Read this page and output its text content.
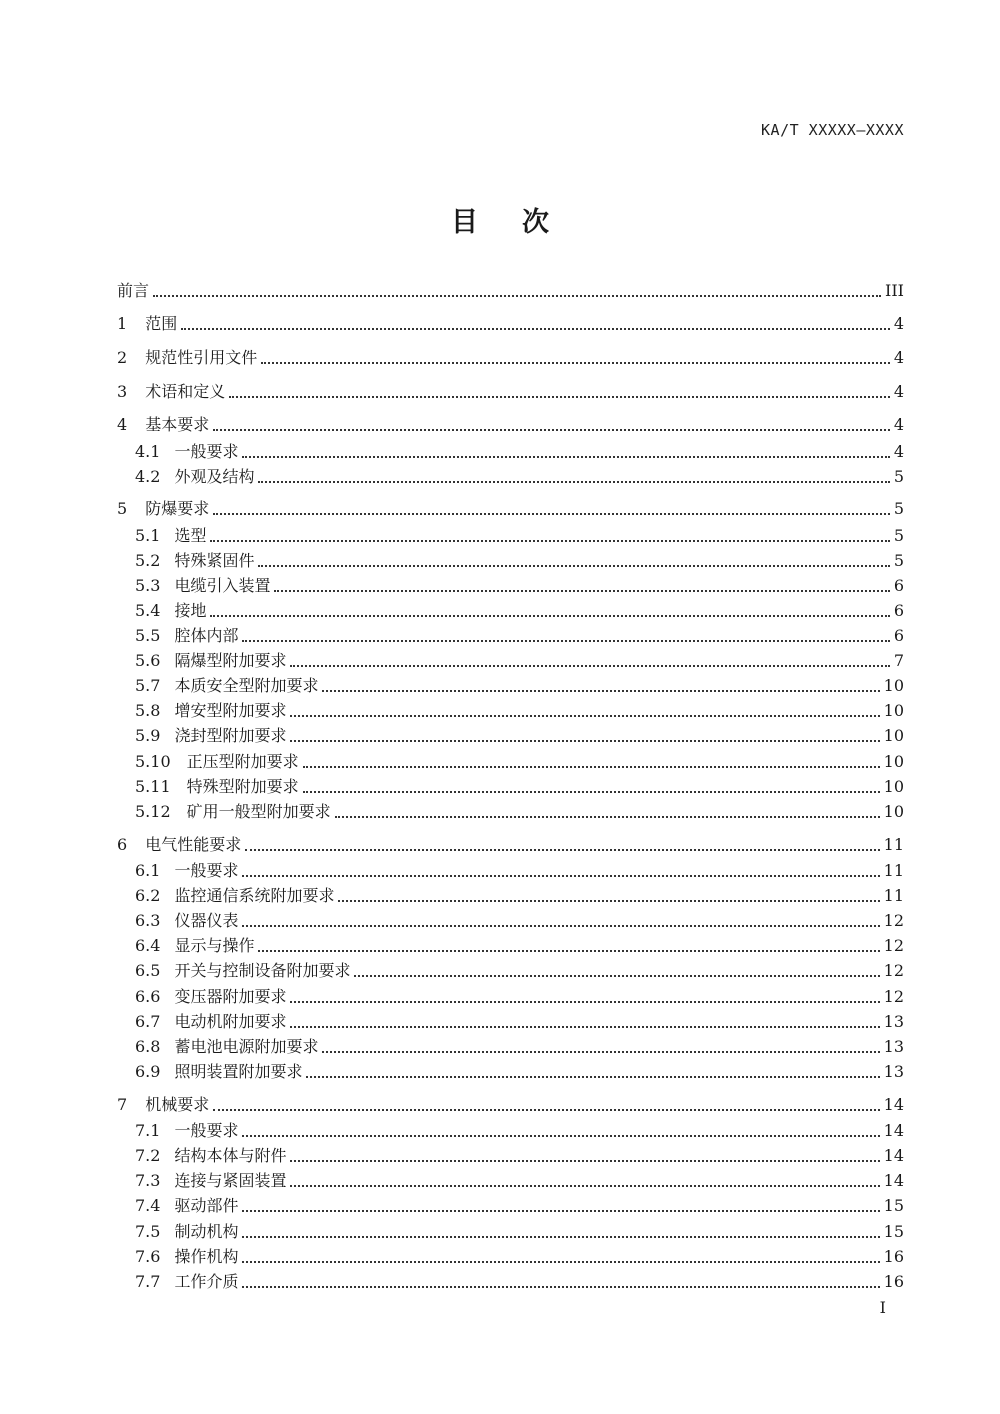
KA/T XXXXX—XXXX
目 次
前言	III
1 范围	4
2 规范性引用文件	4
3 术语和定义	4
4 基本要求	4
4.1 一般要求	4
4.2 外观及结构	5
5 防爆要求	5
5.1 选型	5
5.2 特殊紧固件	5
5.3 电缆引入装置	6
5.4 接地	6
5.5 腔体内部	6
5.6 隔爆型附加要求	7
5.7 本质安全型附加要求	10
5.8 增安型附加要求	10
5.9 浇封型附加要求	10
5.10 正压型附加要求	10
5.11 特殊型附加要求	10
5.12 矿用一般型附加要求	10
6 电气性能要求	11
6.1 一般要求	11
6.2 监控通信系统附加要求	11
6.3 仪器仪表	12
6.4 显示与操作	12
6.5 开关与控制设备附加要求	12
6.6 变压器附加要求	12
6.7 电动机附加要求	13
6.8 蓄电池电源附加要求	13
6.9 照明装置附加要求	13
7 机械要求	14
7.1 一般要求	14
7.2 结构本体与附件	14
7.3 连接与紧固装置	14
7.4 驱动部件	15
7.5 制动机构	15
7.6 操作机构	16
7.7 工作介质	16
I
